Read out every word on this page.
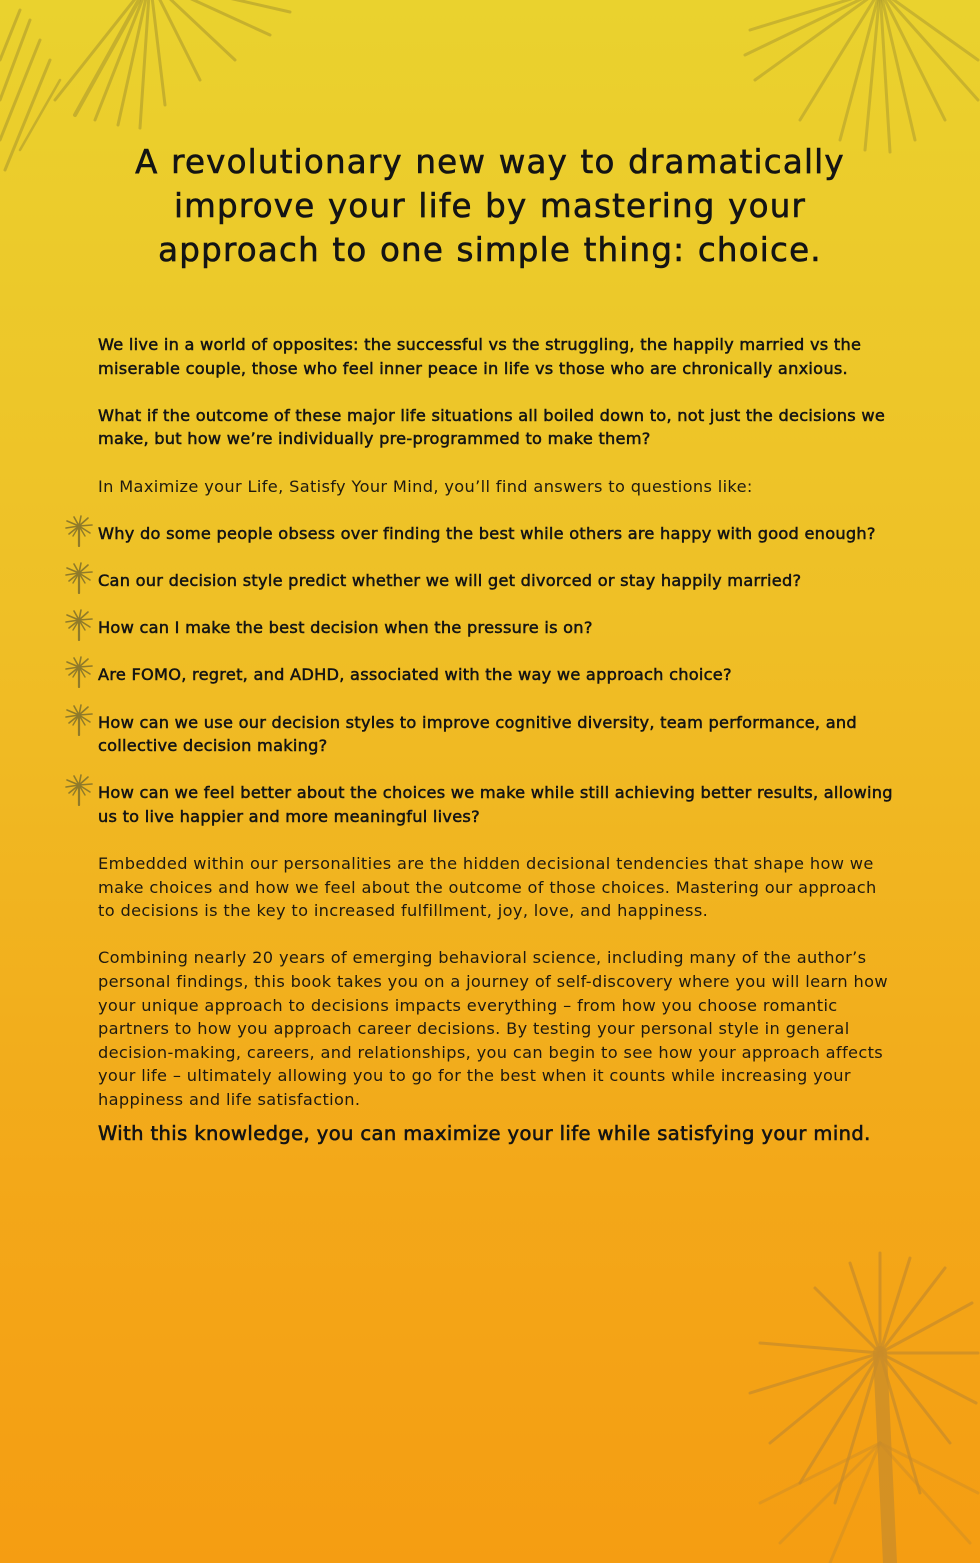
A revolutionary new way to dramatically improve your life by mastering your approach to one simple thing: choice.

We live in a world of opposites: the successful vs the struggling, the happily married vs the miserable couple, those who feel inner peace in life vs those who are chronically anxious.

What if the outcome of these major life situations all boiled down to, not just the decisions we make, but how we’re individually pre-programmed to make them?

In Maximize your Life, Satisfy Your Mind, you’ll find answers to questions like:

Why do some people obsess over finding the best while others are happy with good enough?
Can our decision style predict whether we will get divorced or stay happily married?
How can I make the best decision when the pressure is on?
Are FOMO, regret, and ADHD, associated with the way we approach choice?
How can we use our decision styles to improve cognitive diversity, team performance, and collective decision making?
How can we feel better about the choices we make while still achieving better results, allowing us to live happier and more meaningful lives?

Embedded within our personalities are the hidden decisional tendencies that shape how we make choices and how we feel about the outcome of those choices. Mastering our approach to decisions is the key to increased fulfillment, joy, love, and happiness.

Combining nearly 20 years of emerging behavioral science, including many of the author’s personal findings, this book takes you on a journey of self-discovery where you will learn how your unique approach to decisions impacts everything – from how you choose romantic partners to how you approach career decisions. By testing your personal style in general decision-making, careers, and relationships, you can begin to see how your approach affects your life – ultimately allowing you to go for the best when it counts while increasing your happiness and life satisfaction.

With this knowledge, you can maximize your life while satisfying your mind.
